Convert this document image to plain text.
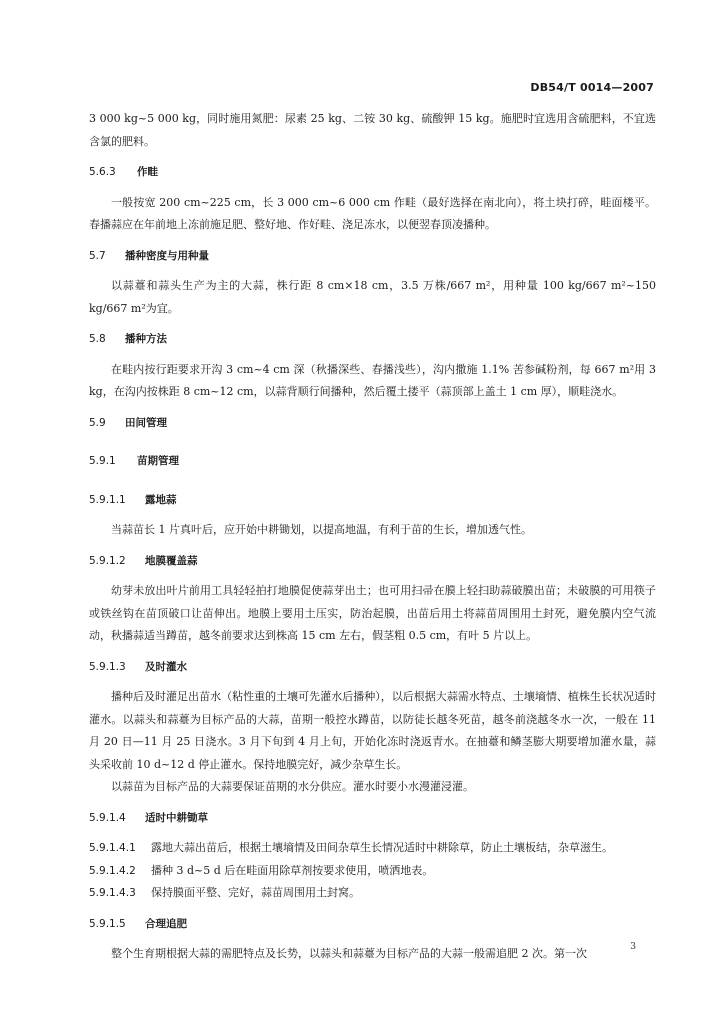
DB54/T 0014—2007

3 000 kg~5 000 kg，同时施用氮肥：尿素 25 kg、二铵 30 kg、硫酸钾 15 kg。施肥时宜选用含硫肥料，不宜选含氯的肥料。

5.6.3 作畦

一般按宽 200 cm~225 cm，长 3 000 cm~6 000 cm 作畦（最好选择在南北向），将土块打碎，畦面楼平。春播蒜应在年前地上冻前施足肥、整好地、作好畦、浇足冻水，以便翌春顶凌播种。

5.7 播种密度与用种量

以蒜薹和蒜头生产为主的大蒜，株行距 8 cm×18 cm，3.5 万株/667 m²，用种量 100 kg/667 m²~150 kg/667 m²为宜。

5.8 播种方法

在畦内按行距要求开沟 3 cm~4 cm 深（秋播深些、春播浅些），沟内撒施 1.1% 苦参碱粉剂，每 667 m²用 3 kg，在沟内按株距 8 cm~12 cm，以蒜背顺行间播种，然后覆土搂平（蒜顶部上盖土 1 cm 厚），顺畦浇水。

5.9 田间管理
5.9.1 苗期管理
5.9.1.1 露地蒜

当蒜苗长 1 片真叶后，应开始中耕锄划，以提高地温，有利于苗的生长，增加透气性。

5.9.1.2 地膜覆盖蒜

幼芽未放出叶片前用工具轻轻拍打地膜促使蒜芽出土；也可用扫帚在膜上轻扫助蒜破膜出苗；未破膜的可用筷子或铁丝钩在苗顶破口让苗伸出。地膜上要用土压实，防治起膜，出苗后用土将蒜苗周围用土封死，避免膜内空气流动，秋播蒜适当蹲苗，越冬前要求达到株高 15 cm 左右，假茎粗 0.5 cm，有叶 5 片以上。

5.9.1.3 及时灌水

播种后及时灌足出苗水（粘性重的土壤可先灌水后播种），以后根据大蒜需水特点、土壤墒情、植株生长状况适时灌水。以蒜头和蒜薹为目标产品的大蒜，苗期一般控水蹲苗，以防徒长越冬死苗，越冬前浇越冬水一次，一般在 11 月 20 日—11 月 25 日浇水。3 月下旬到 4 月上旬，开始化冻时浇返青水。在抽薹和鳞茎膨大期要增加灌水量，蒜头采收前 10 d~12 d 停止灌水。保持地膜完好，减少杂草生长。

以蒜苗为目标产品的大蒜要保证苗期的水分供应。灌水时要小水漫灌浸灌。

5.9.1.4 适时中耕锄草
5.9.1.4.1 露地大蒜出苗后，根据土壤墒情及田间杂草生长情况适时中耕除草，防止土壤板结，杂草滋生。
5.9.1.4.2 播种 3 d~5 d 后在畦面用除草剂按要求使用，喷洒地表。
5.9.1.4.3 保持膜面平整、完好，蒜苗周围用土封窝。
5.9.1.5 合理追肥

整个生育期根据大蒜的需肥特点及长势，以蒜头和蒜薹为目标产品的大蒜一般需追肥 2 次。第一次	3
